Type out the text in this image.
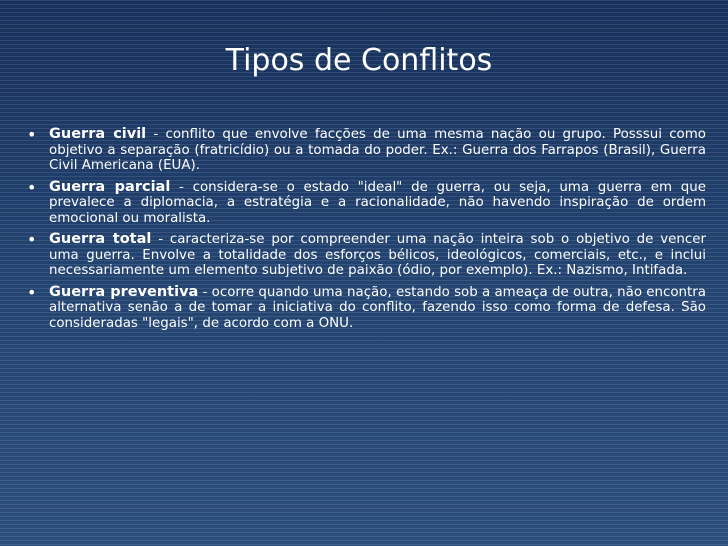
Tipos de Conflitos
• Guerra civil - conflito que envolve facções de uma mesma nação ou grupo. Posssui como objetivo a separação (fratricídio) ou a tomada do poder. Ex.: Guerra dos Farrapos (Brasil), Guerra Civil Americana (EUA).
• Guerra parcial - considera-se o estado "ideal" de guerra, ou seja, uma guerra em que prevalece a diplomacia, a estratégia e a racionalidade, não havendo inspiração de ordem emocional ou moralista.
• Guerra total - caracteriza-se por compreender uma nação inteira sob o objetivo de vencer uma guerra. Envolve a totalidade dos esforços bélicos, ideológicos, comerciais, etc., e inclui necessariamente um elemento subjetivo de paixão (ódio, por exemplo). Ex.: Nazismo, Intifada.
• Guerra preventiva - ocorre quando uma nação, estando sob a ameaça de outra, não encontra alternativa senão a de tomar a iniciativa do conflito, fazendo isso como forma de defesa. São consideradas "legais", de acordo com a ONU.
